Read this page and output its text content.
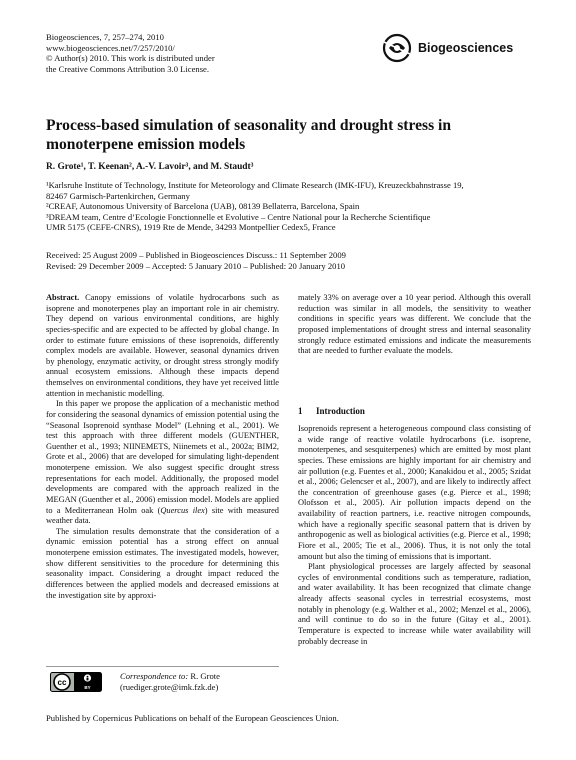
Biogeosciences, 7, 257–274, 2010
www.biogeosciences.net/7/257/2010/
© Author(s) 2010. This work is distributed under
the Creative Commons Attribution 3.0 License.
Biogeosciences
Process-based simulation of seasonality and drought stress in monoterpene emission models
R. Grote¹, T. Keenan², A.-V. Lavoir³, and M. Staudt³
¹Karlsruhe Institute of Technology, Institute for Meteorology and Climate Research (IMK-IFU), Kreuzeckbahnstrasse 19,
82467 Garmisch-Partenkirchen, Germany
²CREAF, Autonomous University of Barcelona (UAB), 08139 Bellaterra, Barcelona, Spain
³DREAM team, Centre d’Ecologie Fonctionnelle et Evolutive – Centre National pour la Recherche Scientifique
UMR 5175 (CEFE-CNRS), 1919 Rte de Mende, 34293 Montpellier Cedex5, France
Received: 25 August 2009 – Published in Biogeosciences Discuss.: 11 September 2009
Revised: 29 December 2009 – Accepted: 5 January 2010 – Published: 20 January 2010

Abstract. Canopy emissions of volatile hydrocarbons such as isoprene and monoterpenes play an important role in air chemistry. They depend on various environmental conditions, are highly species-specific and are expected to be affected by global change. In order to estimate future emissions of these isoprenoids, differently complex models are available. However, seasonal dynamics driven by phenology, enzymatic activity, or drought stress strongly modify annual ecosystem emissions. Although these impacts depend themselves on environmental conditions, they have yet received little attention in mechanistic modelling.

In this paper we propose the application of a mechanistic method for considering the seasonal dynamics of emission potential using the “Seasonal Isoprenoid synthase Model” (Lehning et al., 2001). We test this approach with three different models (GUENTHER, Guenther et al., 1993; NIINEMETS, Niinemets et al., 2002a; BIM2, Grote et al., 2006) that are developed for simulating light-dependent monoterpene emission. We also suggest specific drought stress representations for each model. Additionally, the proposed model developments are compared with the approach realized in the MEGAN (Guenther et al., 2006) emission model. Models are applied to a Mediterranean Holm oak (Quercus ilex) site with measured weather data.

The simulation results demonstrate that the consideration of a dynamic emission potential has a strong effect on annual monoterpene emission estimates. The investigated models, however, show different sensitivities to the procedure for determining this seasonality impact. Considering a drought impact reduced the differences between the applied models and decreased emissions at the investigation site by approxi-

mately 33% on average over a 10 year period. Although this overall reduction was similar in all models, the sensitivity to weather conditions in specific years was different. We conclude that the proposed implementations of drought stress and internal seasonality strongly reduce estimated emissions and indicate the measurements that are needed to further evaluate the models.

1 Introduction

Isoprenoids represent a heterogeneous compound class consisting of a wide range of reactive volatile hydrocarbons (i.e. isoprene, monoterpenes, and sesquiterpenes) which are emitted by most plant species. These emissions are highly important for air chemistry and air pollution (e.g. Fuentes et al., 2000; Kanakidou et al., 2005; Szidat et al., 2006; Gelencser et al., 2007), and are likely to indirectly affect the concentration of greenhouse gases (e.g. Pierce et al., 1998; Olofsson et al., 2005). Air pollution impacts depend on the availability of reaction partners, i.e. reactive nitrogen compounds, which have a regionally specific seasonal pattern that is driven by anthropogenic as well as biological activities (e.g. Pierce et al., 1998; Fiore et al., 2005; Tie et al., 2006). Thus, it is not only the total amount but also the timing of emissions that is important.

Plant physiological processes are largely affected by seasonal cycles of environmental conditions such as temperature, radiation, and water availability. It has been recognized that climate change already affects seasonal cycles in terrestrial ecosystems, most notably in phenology (e.g. Walther et al., 2002; Menzel et al., 2006), and will continue to do so in the future (Gitay et al., 2001). Temperature is expected to increase while water availability will probably decrease in

cc
BY
Correspondence to: R. Grote
(ruediger.grote@imk.fzk.de)
Published by Copernicus Publications on behalf of the European Geosciences Union.
